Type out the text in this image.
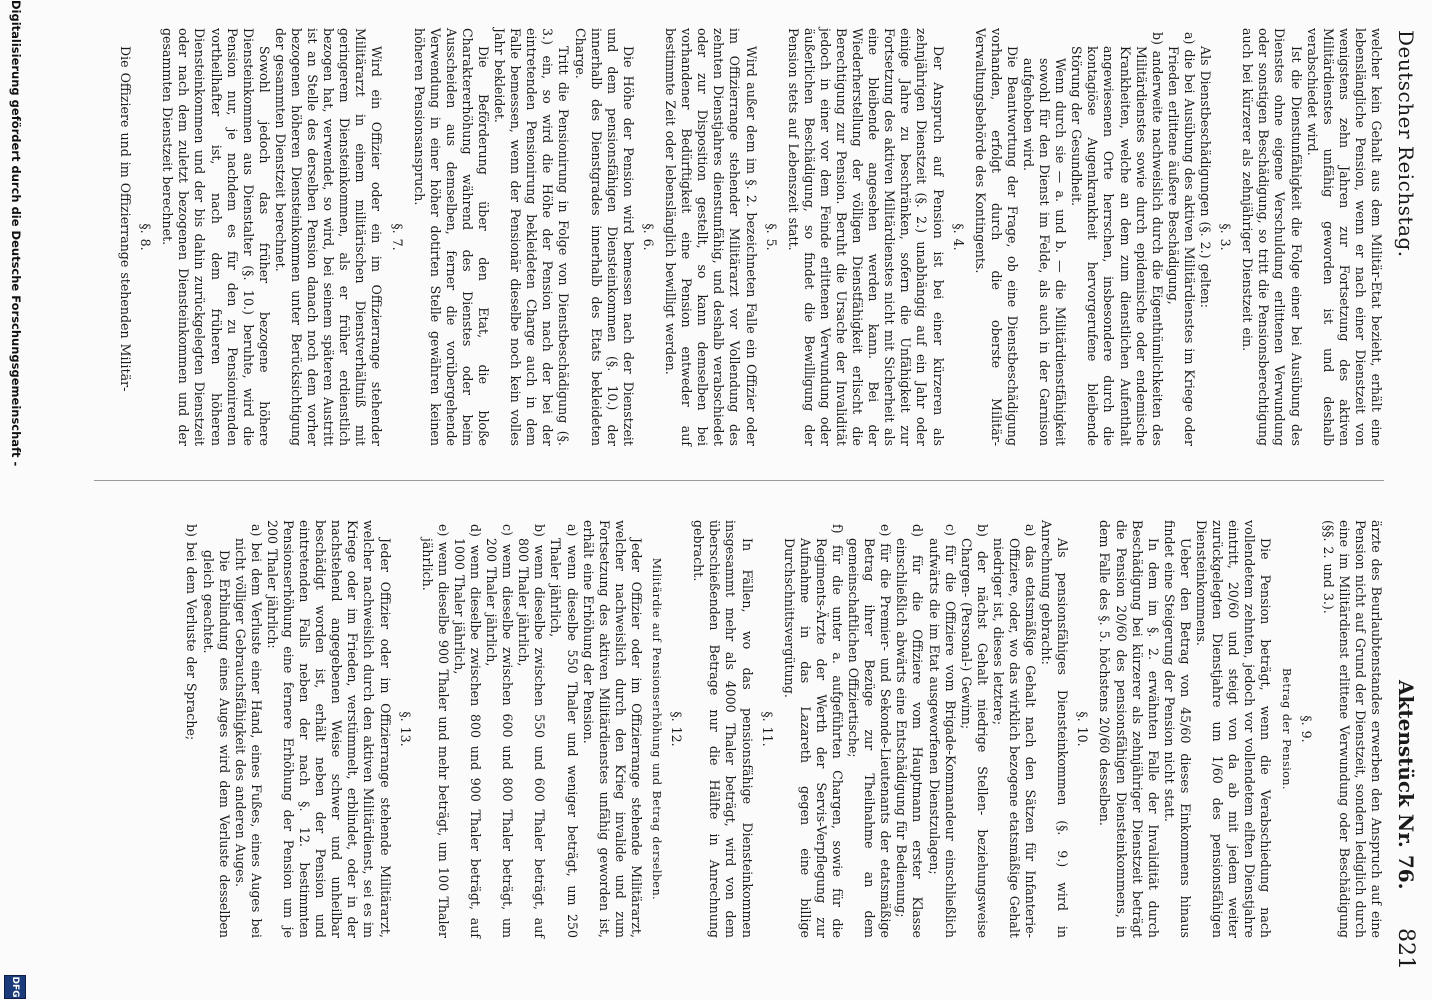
Deutscher Reichstag.
Aktenstück Nr. 76.
821

welcher kein Gehalt aus dem Militär-Etat bezieht, erhält eine lebenslängliche Pension, wenn er nach einer Dienstzeit von wenigstens zehn Jahren zur Fortsetzung des aktiven Militärdienstes unfähig geworden ist und deshalb verabschiedet wird.

Ist die Dienstunfähigkeit die Folge einer bei Ausübung des Dienstes ohne eigene Verschuldung erlittenen Verwundung oder sonstigen Beschädigung, so tritt die Pensionsberechtigung auch bei kürzerer als zehnjähriger Dienstzeit ein.

§. 3.

Als Dienstbeschädigungen (§. 2.) gelten:

a) die bei Ausübung des aktiven Militärdienstes im Kriege oder Frieden erlittene äußere Beschädigung,

b) anderweite nachweislich durch die Eigenthümlichkeiten des Militärdienstes sowie durch epidemische oder endemische Krankheiten, welche an dem zum dienstlichen Aufenthalt angewiesenen Orte herrschen, insbesondere durch die kontagiöse Augenkrankheit hervorgerufene bleibende Störung der Gesundheit.

Wenn durch sie — a. und b. — die Militärdienstfähigkeit sowohl für den Dienst im Felde, als auch in der Garnison aufgehoben wird.

Die Beantwortung der Frage, ob eine Dienstbeschädigung vorhanden, erfolgt durch die oberste Militär-Verwaltungsbehörde des Kontingents.

§. 4.

Der Anspruch auf Pension ist bei einer kürzeren als zehnjährigen Dienstzeit (§. 2.) unabhängig auf ein Jahr oder einige Jahre zu beschränken, sofern die Unfähigkeit zur Fortsetzung des aktiven Militärdienstes nicht mit Sicherheit als eine bleibende angesehen werden kann. Bei der Wiederherstellung der völligen Dienstfähigkeit erlischt die Berechtigung zur Pension. Beruht die Ursache der Invalidität jedoch in einer vor dem Feinde erlittenen Verwundung oder äußerlichen Beschädigung, so findet die Bewilligung der Pension stets auf Lebenszeit statt.

§. 5.

Wird außer dem im §. 2. bezeichneten Falle ein Offizier oder im Offizierrange stehender Militärarzt vor Vollendung des zehnten Dienstjahres dienstunfähig, und deshalb verabschiedet oder zur Disposition gestellt, so kann demselben bei vorhandener Bedürftigkeit eine Pension entweder auf bestimmte Zeit oder lebenslänglich bewilligt werden.

§. 6.

Die Höhe der Pension wird bemessen nach der Dienstzeit und dem pensionsfähigen Diensteinkommen (§. 10.) der innerhalb des Dienstgrades innerhalb des Etats bekleideten Charge.

Tritt die Pensionirung in Folge von Dienstbeschädigung (§. 3.) ein, so wird die Höhe der Pension nach der bei der eintretenden Pensionirung bekleideten Charge auch in dem Falle bemessen, wenn der Pensionär dieselbe noch kein volles Jahr bekleidet.

Die Beförderung über den Etat, die bloße Charaktererhöhung während des Dienstes oder beim Ausscheiden aus demselben, ferner die vorübergehende Verwendung in einer höher dotirten Stelle gewähren keinen höheren Pensionsanspruch.

§. 7.

Wird ein Offizier oder ein im Offizierrange stehender Militärarzt in einem militärischen Dienstverhältniß mit geringerem Diensteinkommen, als er früher erdienstlich bezogen hat, verwendet, so wird, bei seinem späteren Austritt ist an Stelle des derselben Pension danach noch dem vorher bezogenen höheren Diensteinkommen unter Berücksichtigung der gesammten Dienstzeit berechnet.

Sowohl jedoch das früher bezogene höhere Diensteinkommen aus Dienstalter (§. 10.) beruhte, wird die Pension nur, je nachdem es für den zu Pensionirenden vortheilhafter ist, nach dem früheren höheren Diensteinkommen und der bis dahin zurückgelegten Dienstzeit oder nach dem zuletzt bezogenen Diensteinkommen und der gesammten Dienstzeit berechnet.

§. 8.

Die Offiziere und im Offizierrange stehenden Militär-

ärzte des Beurlaubtenstandes erwerben den Anspruch auf eine Pension nicht auf Grund der Dienstzeit, sondern lediglich durch eine im Militärdienst erlittene Verwundung oder Beschädigung (§§. 2. und 3.).

§. 9.
Betrag der Pension.

Die Pension beträgt, wenn die Verabschiedung nach vollendetem zehnten, jedoch vor vollendetem elften Dienstjahre eintritt, 20/60 und steigt von da ab mit jedem weiter zurückgelegten Dienstjahre um 1/60 des pensionsfähigen Diensteinkommens.

Ueber den Betrag von 45/60 dieses Einkommens hinaus findet eine Steigerung der Pension nicht statt.

In dem im §. 2. erwähnten Falle der Invalidität durch Beschädigung bei kürzerer als zehnjähriger Dienstzeit beträgt die Pension 20/60 des pensionsfähigen Diensteinkommens, in dem Falle des §. 5. höchstens 20/60 desselben.

§. 10.

Als pensionsfähiges Diensteinkommen (§. 9.) wird in Anrechnung gebracht:

a) das etatsmäßige Gehalt nach den Sätzen für Infanterie-Offiziere, oder, wo das wirklich bezogene etatsmäßige Gehalt niedriger ist, dieses letztere;

b) der nächst Gehalt niedrige Stellen- beziehungsweise Chargen- (Personal-) Gewinn;

c) für die Offiziere vom Brigade-Kommandeur einschließlich aufwärts die im Etat ausgeworfenen Dienstzulagen;

d) für die Offiziere vom Hauptmann erster Klasse einschließlich abwärts eine Entschädigung für Bedienung;

e) für die Premier- und Sekonde-Lieutenants der etatsmäßige Betrag ihrer Bezüge zur Theilnahme an dem gemeinschaftlichen Offiziertische;

f) für die unter a. aufgeführten Chargen, sowie für die Regiments-Ärzte der Werth der Servis-Verpflegung zur Aufnahme in das Lazareth gegen eine billige Durchschnittsvergütung.

§. 11.

In Fällen, wo das pensionsfähige Diensteinkommen insgesammt mehr als 4000 Thaler beträgt, wird von dem überschießenden Betrage nur die Hälfte in Anrechnung gebracht.

§. 12.
Militärdie auf Pensionserhöhung und Betrag derselben.

Jeder Offizier oder im Offizierrange stehende Militärarzt, welcher nachweislich durch den Krieg invalide und zum Fortsetzung des aktiven Militärdienstes unfähig geworden ist, erhält eine Erhöhung der Pension.

a) wenn dieselbe 550 Thaler und weniger beträgt, um 250 Thaler jährlich,

b) wenn dieselbe zwischen 550 und 600 Thaler beträgt, auf 800 Thaler jährlich,

c) wenn dieselbe zwischen 600 und 800 Thaler beträgt, um 200 Thaler jährlich,

d) wenn dieselbe zwischen 800 und 900 Thaler beträgt, auf 1000 Thaler jährlich,

e) wenn dieselbe 900 Thaler und mehr beträgt, um 100 Thaler jährlich.

§. 13.

Jeder Offizier oder im Offizierrange stehende Militärarzt, welcher nachweislich durch den aktiven Militärdienst, sei es im Kriege oder im Frieden, verstümmelt, erblindet, oder in der nachstehend angegebenen Weise schwer und unheilbar beschädigt worden ist, erhält neben der Pension und eintretenden Falls neben der nach §. 12. bestimmten Pensionserhöhung eine fernere Erhöhung der Pension um je 200 Thaler jährlich:

a) bei dem Verluste einer Hand, eines Fußes, eines Auges bei nicht völliger Gebrauchsfähigkeit des anderen Auges.

Die Erblindung eines Auges wird dem Verluste desselben gleich geachtet.

b) bei dem Verluste der Sprache;

Digitalisierung gefördert durch die Deutsche Forschungsgemeinschaft -
DFG
